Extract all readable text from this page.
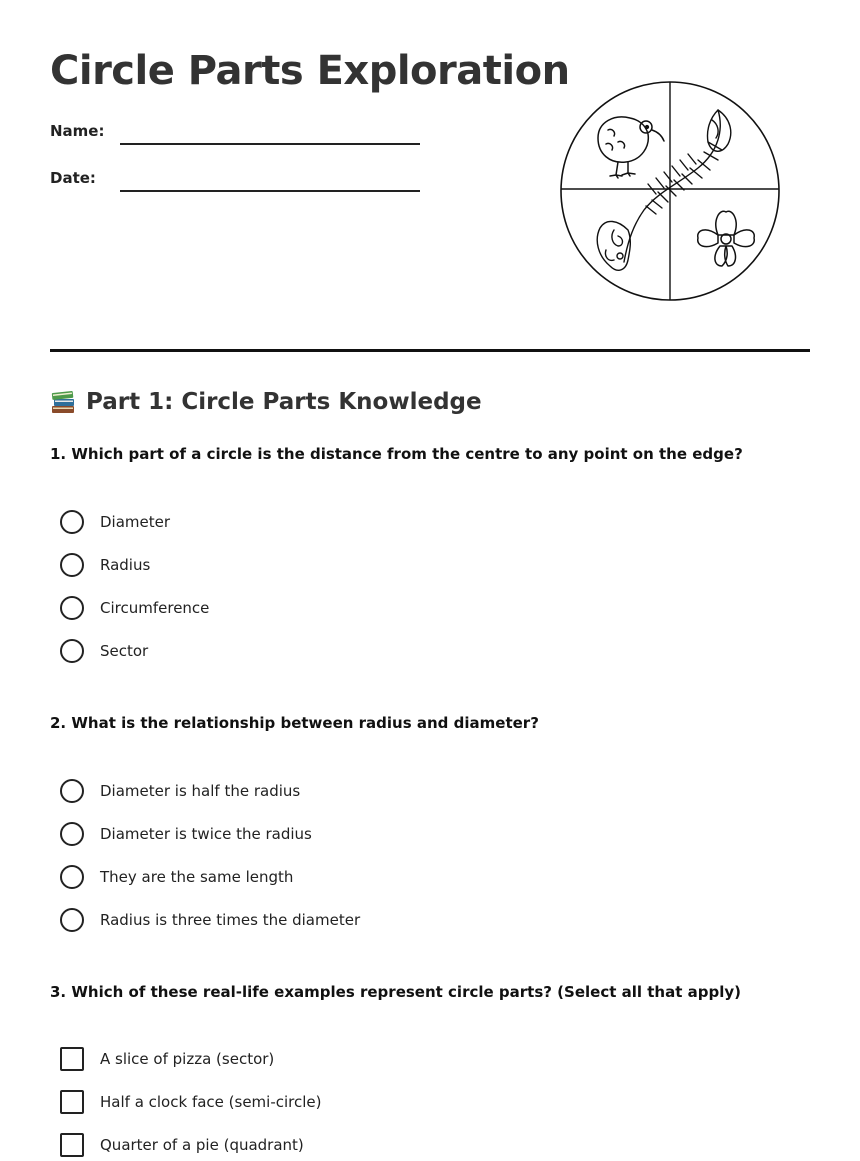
Circle Parts Exploration
Name:
Date:
Part 1: Circle Parts Knowledge

1. Which part of a circle is the distance from the centre to any point on the edge?

Diameter
Radius
Circumference
Sector

2. What is the relationship between radius and diameter?

Diameter is half the radius
Diameter is twice the radius
They are the same length
Radius is three times the diameter

3. Which of these real-life examples represent circle parts? (Select all that apply)

A slice of pizza (sector)
Half a clock face (semi-circle)
Quarter of a pie (quadrant)
